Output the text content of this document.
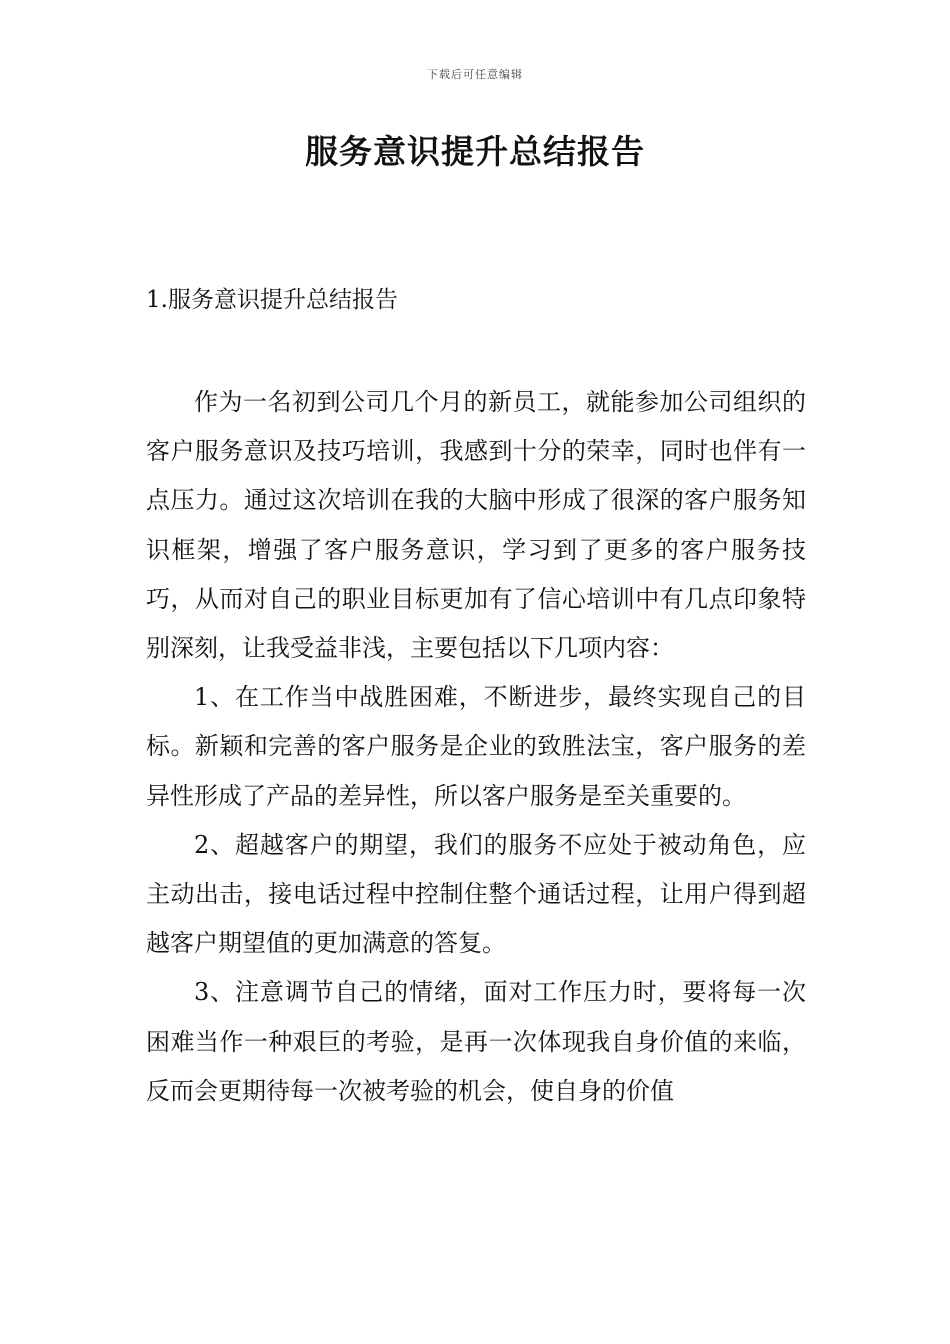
下载后可任意编辑
服务意识提升总结报告
1.服务意识提升总结报告

作为一名初到公司几个月的新员工，就能参加公司组织的客户服务意识及技巧培训，我感到十分的荣幸，同时也伴有一点压力。通过这次培训在我的大脑中形成了很深的客户服务知识框架，增强了客户服务意识，学习到了更多的客户服务技巧，从而对自己的职业目标更加有了信心培训中有几点印象特别深刻，让我受益非浅，主要包括以下几项内容：

1、在工作当中战胜困难，不断进步，最终实现自己的目标。新颖和完善的客户服务是企业的致胜法宝，客户服务的差异性形成了产品的差异性，所以客户服务是至关重要的。

2、超越客户的期望，我们的服务不应处于被动角色，应主动出击，接电话过程中控制住整个通话过程，让用户得到超越客户期望值的更加满意的答复。

3、注意调节自己的情绪，面对工作压力时，要将每一次困难当作一种艰巨的考验，是再一次体现我自身价值的来临，反而会更期待每一次被考验的机会，使自身的价值
